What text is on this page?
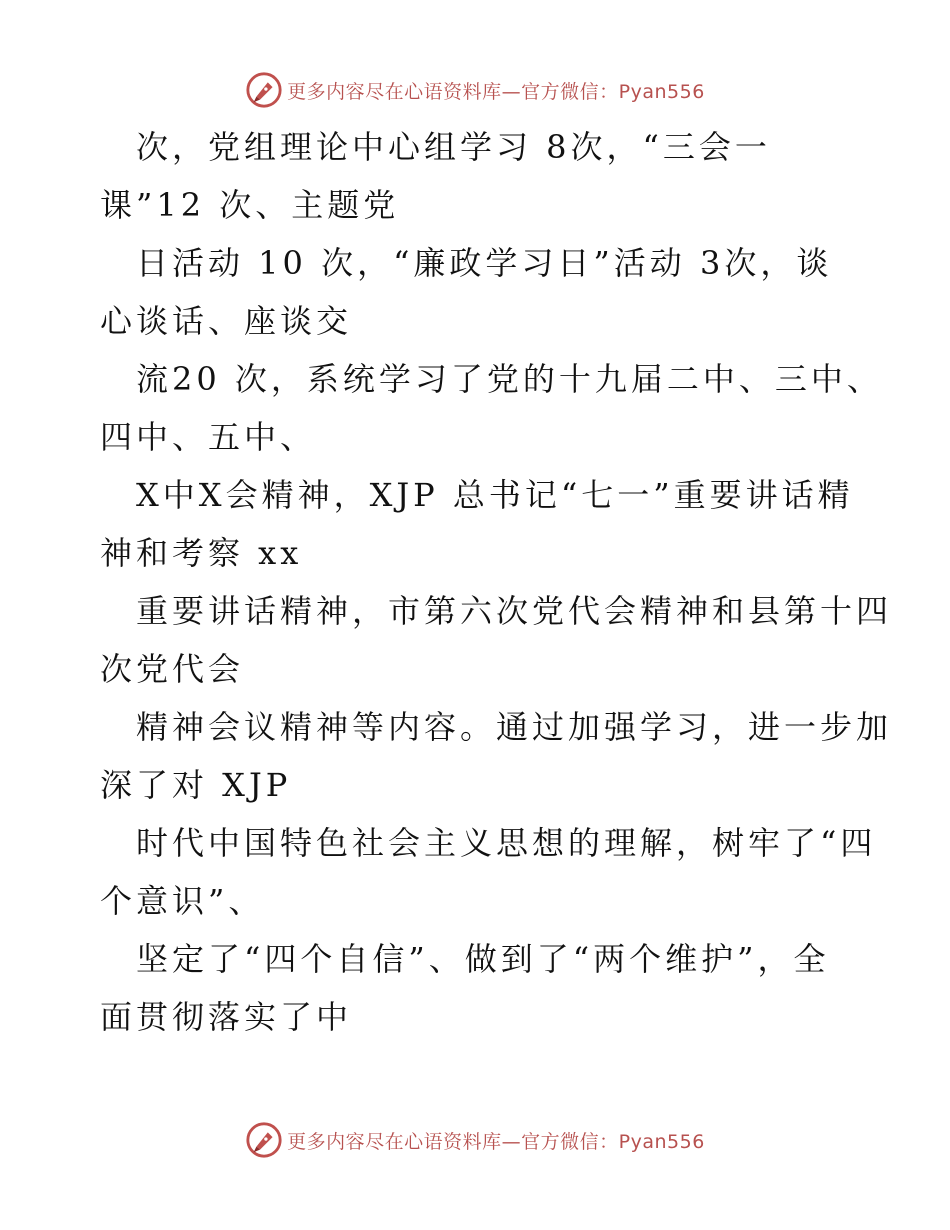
更多内容尽在心语资料库—官方微信：Pyan556
次，党组理论中心组学习 8次，“三会一
课”12 次、主题党
日活动 10 次，“廉政学习日”活动 3次，谈
心谈话、座谈交
流20 次，系统学习了党的十九届二中、三中、
四中、五中、
X中X会精神，XJP 总书记“七一”重要讲话精
神和考察 xx
重要讲话精神，市第六次党代会精神和县第十四
次党代会
精神会议精神等内容。通过加强学习，进一步加
深了对 XJP
时代中国特色社会主义思想的理解，树牢了“四
个意识”、
坚定了“四个自信”、做到了“两个维护”，全
面贯彻落实了中
更多内容尽在心语资料库—官方微信：Pyan556
